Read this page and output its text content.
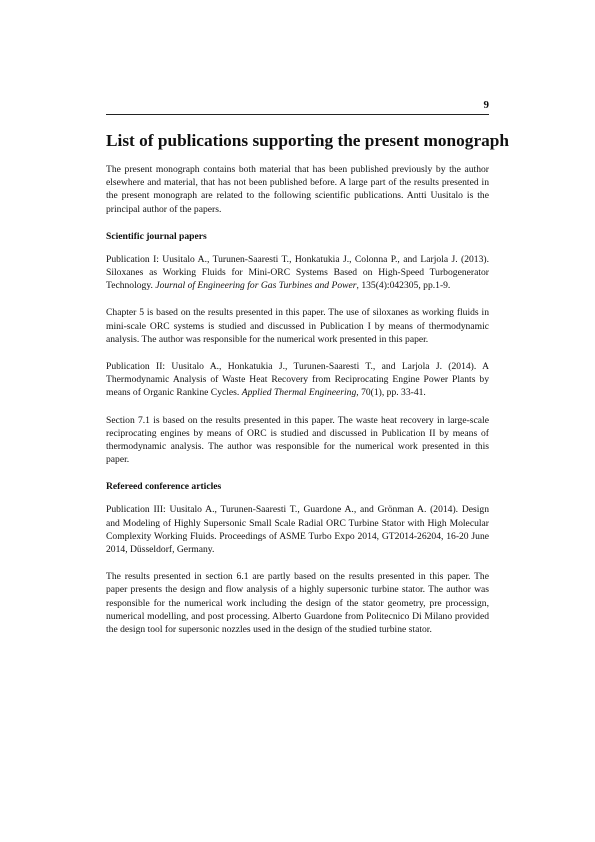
9
List of publications supporting the present monograph

The present monograph contains both material that has been published previously by the author elsewhere and material, that has not been published before. A large part of the results presented in the present monograph are related to the following scientific publications. Antti Uusitalo is the principal author of the papers.

Scientific journal papers

Publication I: Uusitalo A., Turunen-Saaresti T., Honkatukia J., Colonna P., and Larjola J. (2013). Siloxanes as Working Fluids for Mini-ORC Systems Based on High-Speed Turbogenerator Technology. Journal of Engineering for Gas Turbines and Power, 135(4):042305, pp.1-9.

Chapter 5 is based on the results presented in this paper. The use of siloxanes as working fluids in mini-scale ORC systems is studied and discussed in Publication I by means of thermodynamic analysis. The author was responsible for the numerical work presented in this paper.

Publication II: Uusitalo A., Honkatukia J., Turunen-Saaresti T., and Larjola J. (2014). A Thermodynamic Analysis of Waste Heat Recovery from Reciprocating Engine Power Plants by means of Organic Rankine Cycles. Applied Thermal Engineering, 70(1), pp. 33-41.

Section 7.1 is based on the results presented in this paper. The waste heat recovery in large-scale reciprocating engines by means of ORC is studied and discussed in Publication II by means of thermodynamic analysis. The author was responsible for the numerical work presented in this paper.

Refereed conference articles

Publication III: Uusitalo A., Turunen-Saaresti T., Guardone A., and Grönman A. (2014). Design and Modeling of Highly Supersonic Small Scale Radial ORC Turbine Stator with High Molecular Complexity Working Fluids. Proceedings of ASME Turbo Expo 2014, GT2014-26204, 16-20 June 2014, Düsseldorf, Germany.

The results presented in section 6.1 are partly based on the results presented in this paper. The paper presents the design and flow analysis of a highly supersonic turbine stator. The author was responsible for the numerical work including the design of the stator geometry, pre processign, numerical modelling, and post processing. Alberto Guardone from Politecnico Di Milano provided the design tool for supersonic nozzles used in the design of the studied turbine stator.
